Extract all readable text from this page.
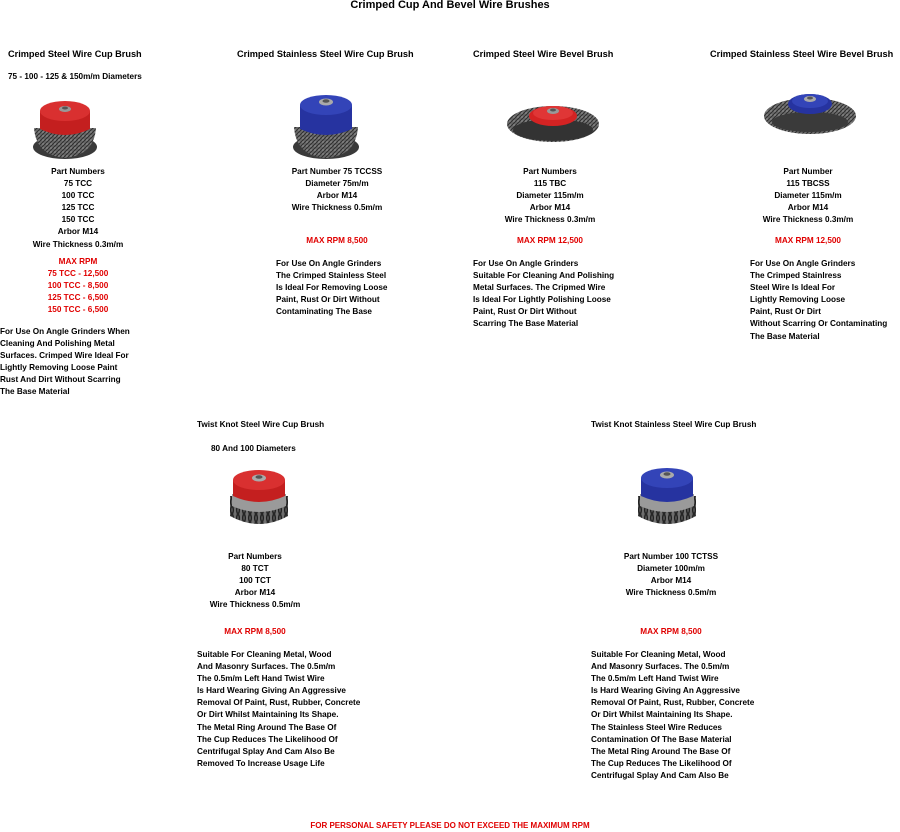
Crimped Cup And Bevel Wire Brushes
Crimped Steel Wire Cup Brush
75 - 100 - 125 & 150m/m Diameters
Part Numbers
75 TCC
100 TCC
125 TCC
150 TCC
Arbor M14
Wire Thickness 0.3m/m
MAX RPM
75 TCC - 12,500
100 TCC - 8,500
125 TCC - 6,500
150 TCC - 6,500
For Use On Angle Grinders When
Cleaning And Polishing Metal
Surfaces. Crimped Wire Ideal For
Lightly Removing Loose Paint
Rust And Dirt Without Scarring
The Base Material
Crimped Stainless Steel Wire Cup Brush
Part Number 75 TCCSS
Diameter 75m/m
Arbor M14
Wire Thickness 0.5m/m
MAX RPM 8,500
For Use On Angle Grinders
The Crimped Stainless Steel
Is Ideal For Removing Loose
Paint, Rust Or Dirt Without
Contaminating The Base
Crimped Steel Wire Bevel Brush
Part Numbers
115 TBC
Diameter 115m/m
Arbor M14
Wire Thickness 0.3m/m
MAX RPM 12,500
For Use On Angle Grinders
Suitable For Cleaning And Polishing
Metal Surfaces. The Cripmed Wire
Is Ideal For Lightly Polishing Loose
Paint, Rust Or Dirt Without
Scarring The Base Material
Crimped Stainless Steel Wire Bevel Brush
Part Number
115 TBCSS
Diameter 115m/m
Arbor M14
Wire Thickness 0.3m/m
MAX RPM 12,500
For Use On Angle Grinders
The Crimped Stainlress
Steel Wire Is Ideal For
Lightly Removing Loose
Paint, Rust Or Dirt
Without Scarring Or Contaminating
The Base Material
Twist Knot Steel Wire Cup Brush
80 And 100 Diameters
Part Numbers
80 TCT
100 TCT
Arbor M14
Wire Thickness 0.5m/m
MAX RPM 8,500
Suitable For Cleaning Metal, Wood
And Masonry Surfaces. The 0.5m/m
The 0.5m/m Left Hand Twist Wire
Is Hard Wearing Giving An Aggressive
Removal Of Paint, Rust, Rubber, Concrete
Or Dirt Whilst Maintaining Its Shape.
The Metal Ring Around The Base Of
The Cup Reduces The Likelihood Of
Centrifugal Splay And Cam Also Be
Removed To Increase Usage Life
Twist Knot Stainless Steel Wire Cup Brush
Part Number 100 TCTSS
Diameter 100m/m
Arbor M14
Wire Thickness 0.5m/m
MAX RPM 8,500
Suitable For Cleaning Metal, Wood
And Masonry Surfaces. The 0.5m/m
The 0.5m/m Left Hand Twist Wire
Is Hard Wearing Giving An Aggressive
Removal Of Paint, Rust, Rubber, Concrete
Or Dirt Whilst Maintaining Its Shape.
The Stainless Steel Wire Reduces
Contamination Of The Base Material
The Metal Ring Around The Base Of
The Cup Reduces The Likelihood Of
Centrifugal Splay And Cam Also Be
FOR PERSONAL SAFETY PLEASE DO NOT EXCEED THE MAXIMUM RPM
